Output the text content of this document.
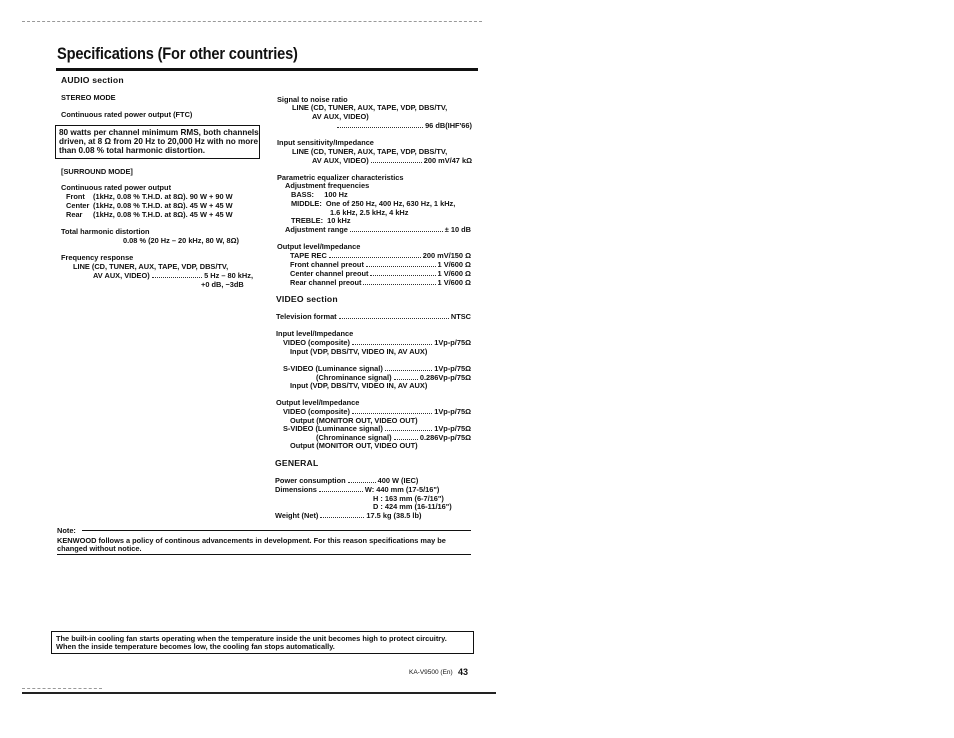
Specifications (For other countries)
AUDIO section
STEREO MODE
Continuous rated power output (FTC)
80 watts per channel minimum RMS, both channels
driven, at 8 Ω from 20 Hz to 20,000 Hz with no more
than 0.08 % total harmonic distortion.
[SURROUND MODE]
Continuous rated power output
Front (1kHz, 0.08 % T.H.D. at 8Ω). 90 W + 90 W
Center (1kHz, 0.08 % T.H.D. at 8Ω). 45 W + 45 W
Rear (1kHz, 0.08 % T.H.D. at 8Ω). 45 W + 45 W
Total harmonic distortion
0.08 % (20 Hz – 20 kHz, 80 W, 8Ω)
Frequency response
LINE (CD, TUNER, AUX, TAPE, VDP, DBS/TV,
AV AUX, VIDEO)	5 Hz – 80 kHz,
+0 dB, −3dB
Signal to noise ratio
LINE (CD, TUNER, AUX, TAPE, VDP, DBS/TV,
AV AUX, VIDEO)
96 dB(IHF'66)
Input sensitivity/Impedance
LINE (CD, TUNER, AUX, TAPE, VDP, DBS/TV,
AV AUX, VIDEO)	200 mV/47 kΩ
Parametric equalizer characteristics
Adjustment frequencies
BASS:     100 Hz
MIDDLE:  One of 250 Hz, 400 Hz, 630 Hz, 1 kHz,
1.6 kHz, 2.5 kHz, 4 kHz
TREBLE:  10 kHz
Adjustment range	± 10 dB
Output level/Impedance
TAPE REC	200 mV/150 Ω
Front channel preout	1 V/600 Ω
Center channel preout	1 V/600 Ω
Rear channel preout	1 V/600 Ω
VIDEO section
Television format	NTSC
Input level/Impedance
VIDEO (composite)	1Vp-p/75Ω
Input (VDP, DBS/TV, VIDEO IN, AV AUX)
S-VIDEO (Luminance signal)	1Vp-p/75Ω
(Chrominance signal)	0.286Vp-p/75Ω
Input (VDP, DBS/TV, VIDEO IN, AV AUX)
Output level/Impedance
VIDEO (composite)	1Vp-p/75Ω
Output (MONITOR OUT, VIDEO OUT)
S-VIDEO (Luminance signal)	1Vp-p/75Ω
(Chrominance signal)	0.286Vp-p/75Ω
Output (MONITOR OUT, VIDEO OUT)
GENERAL
Power consumption	400 W (IEC)
Dimensions	W: 440 mm (17-5/16")
H : 163 mm (6-7/16")
D : 424 mm (16-11/16")
Weight (Net)	17.5 kg (38.5 lb)
Note:
KENWOOD follows a policy of continous advancements in development. For this reason specifications may be
changed without notice.
The built-in cooling fan starts operating when the temperature inside the unit becomes high to protect circuitry.
When the inside temperature becomes low, the cooling fan stops automatically.
KA-V9500 (En) 43
